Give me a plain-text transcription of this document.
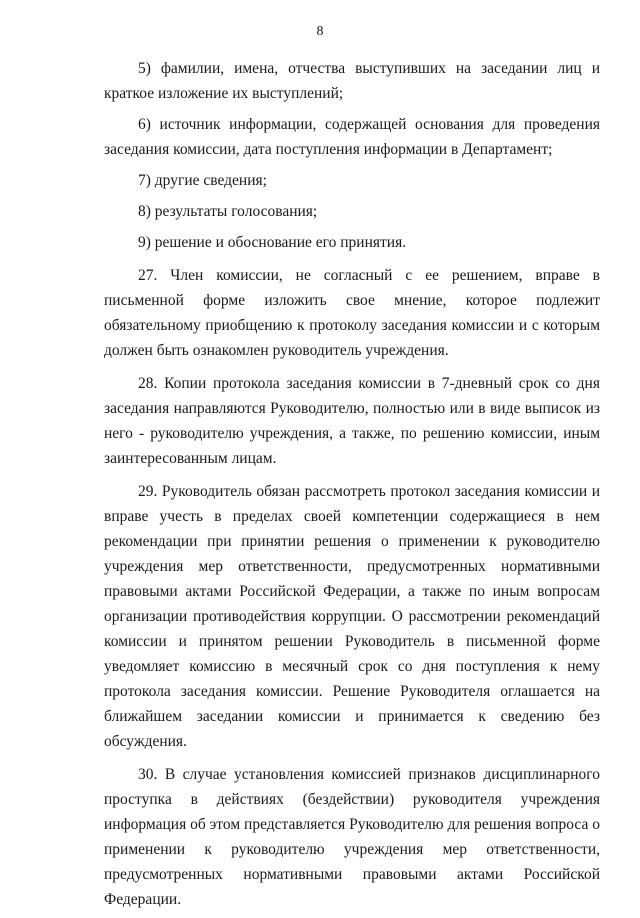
8

5) фамилии, имена, отчества выступивших на заседании лиц и краткое изложение их выступлений;

6) источник информации, содержащей основания для проведения заседания комиссии, дата поступления информации в Департамент;

7) другие сведения;

8) результаты голосования;

9) решение и обоснование его принятия.

27. Член комиссии, не согласный с ее решением, вправе в письменной форме изложить свое мнение, которое подлежит обязательному приобщению к протоколу заседания комиссии и с которым должен быть ознакомлен руководитель учреждения.

28. Копии протокола заседания комиссии в 7-дневный срок со дня заседания направляются Руководителю, полностью или в виде выписок из него - руководителю учреждения, а также, по решению комиссии, иным заинтересованным лицам.

29. Руководитель обязан рассмотреть протокол заседания комиссии и вправе учесть в пределах своей компетенции содержащиеся в нем рекомендации при принятии решения о применении к руководителю учреждения мер ответственности, предусмотренных нормативными правовыми актами Российской Федерации, а также по иным вопросам организации противодействия коррупции. О рассмотрении рекомендаций комиссии и принятом решении Руководитель в письменной форме уведомляет комиссию в месячный срок со дня поступления к нему протокола заседания комиссии. Решение Руководителя оглашается на ближайшем заседании комиссии и принимается к сведению без обсуждения.

30. В случае установления комиссией признаков дисциплинарного проступка в действиях (бездействии) руководителя учреждения информация об этом представляется Руководителю для решения вопроса о применении к руководителю учреждения мер ответственности, предусмотренных нормативными правовыми актами Российской Федерации.
